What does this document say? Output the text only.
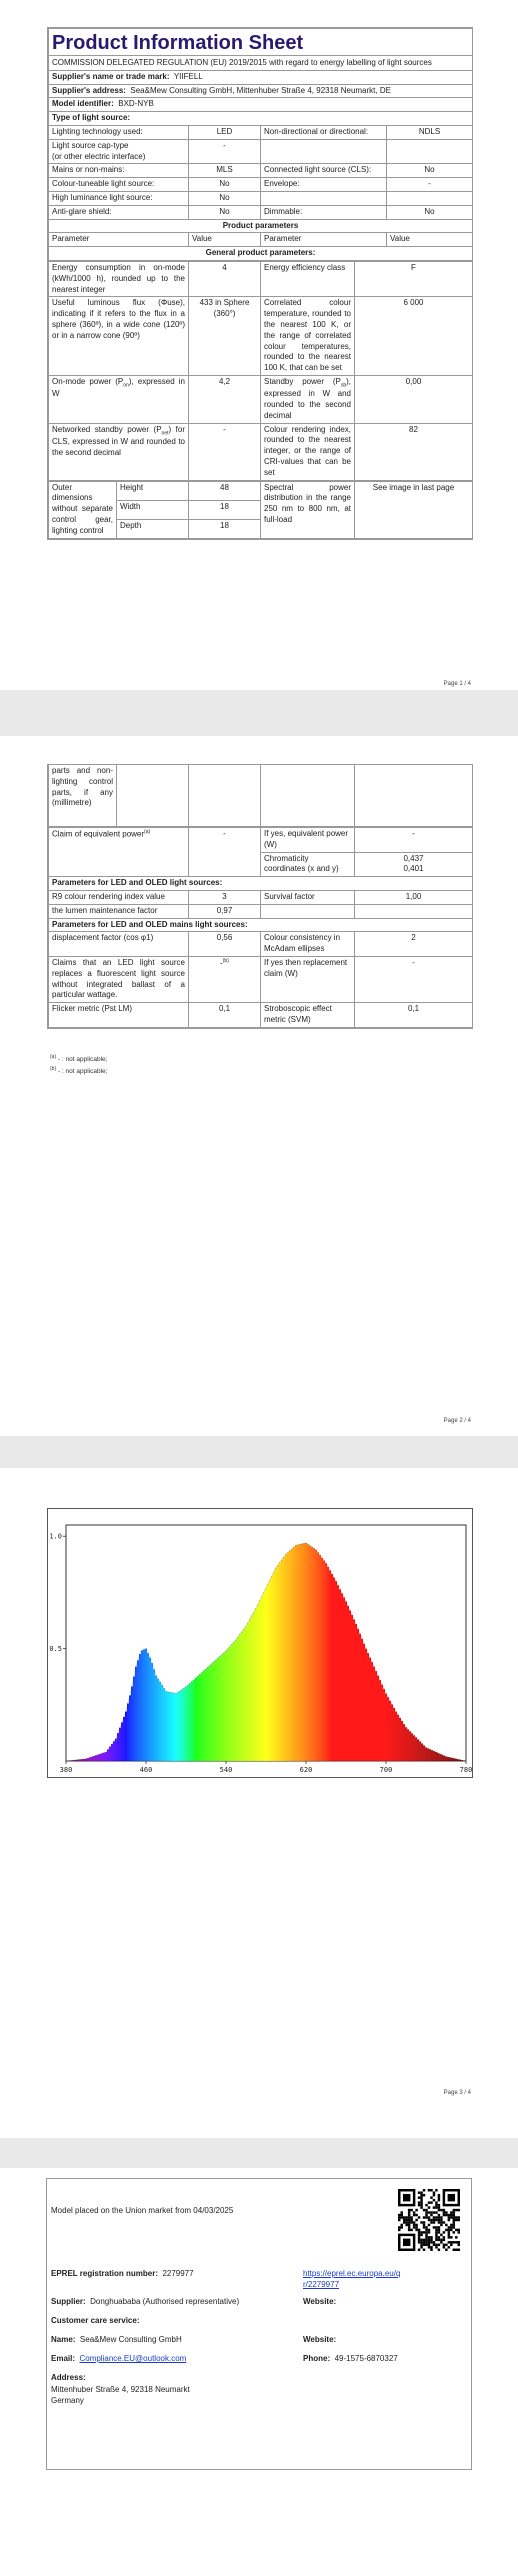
Product Information Sheet			
COMMISSION DELEGATED REGULATION (EU) 2019/2015 with regard to energy labelling of light sources			
Supplier's name or trade mark: YIIFELL			
Supplier's address: Sea&Mew Consulting GmbH, Mittenhuber Straße 4, 92318 Neumarkt, DE			
Model identifier: BXD-NYB			
Type of light source:			
Lighting technology used:	LED	Non-directional or directional:	NDLS
Light source cap-type
(or other electric interface)	-		
Mains or non-mains:	MLS	Connected light source (CLS):	No
Colour-tuneable light source:	No	Envelope:	-
High luminance light source:	No		
Anti-glare shield:	No	Dimmable:	No
Product parameters			
Parameter	Value	Parameter	Value
General product parameters:			
Energy consumption in on-mode (kWh/1000 h), rounded up to the nearest integer	4	Energy efficiency class	F
Useful luminous flux (Φuse), indicating if it refers to the flux in a sphere (360º), in a wide cone (120º) or in a narrow cone (90º)	433 in Sphere (360°)	Correlated colour temperature, rounded to the nearest 100 K, or the range of correlated colour temperatures, rounded to the nearest 100 K, that can be set	6 000
On-mode power $(P_{on})$, expressed in W	4,2	Standby power $(P_{sb})$, expressed in W and rounded to the second decimal	0,00
Networked standby power $(P_{net})$ for CLS, expressed in W and rounded to the second decimal	-	Colour rendering index, rounded to the nearest integer, or the range of CRI-values that can be set	82
Outer dimensions without separate control gear, lighting control	Height	48	Spectral power distribution in the range 250 nm to 800 nm, at full-load	See image in last page
	Width	18		
	Depth	18		
Page 1 / 4
parts and non-lighting control parts, if any (millimetre)				
Claim of equivalent power$^{(a)}$	-	If yes, equivalent power (W)	-
		Chromaticity coordinates (x and y)	0,437
0,401
Parameters for LED and OLED light sources:			
R9 colour rendering index value	3	Survival factor	1,00
the lumen maintenance factor	0,97		
Parameters for LED and OLED mains light sources:			
displacement factor (cos φ1)	0,56	Colour consistency in McAdam ellipses	2
Claims that an LED light source replaces a fluorescent light source without integrated ballast of a particular wattage.	-$^{(b)}$	If yes then replacement claim (W)	-
Flicker metric (Pst LM)	0,1	Stroboscopic effect metric (SVM)	0,1
$^{(a)}$ - : not applicable;
$^{(b)}$ - : not applicable;
Page 2 / 4
380	460	540	620	700	780
0.5
1.0
Page 3 / 4
Model placed on the Union market from 04/03/2025
EPREL registration number: 2279977	https://eprel.ec.europa.eu/qr/2279977
Supplier: Donghuababa (Authorised representative)	Website:
Customer care service:
Name: Sea&Mew Consulting GmbH	Website:
Email: Compliance.EU@outlook.com	Phone: 49-1575-6870327
Address:
Mittenhuber Straße 4, 92318 Neumarkt
Germany
